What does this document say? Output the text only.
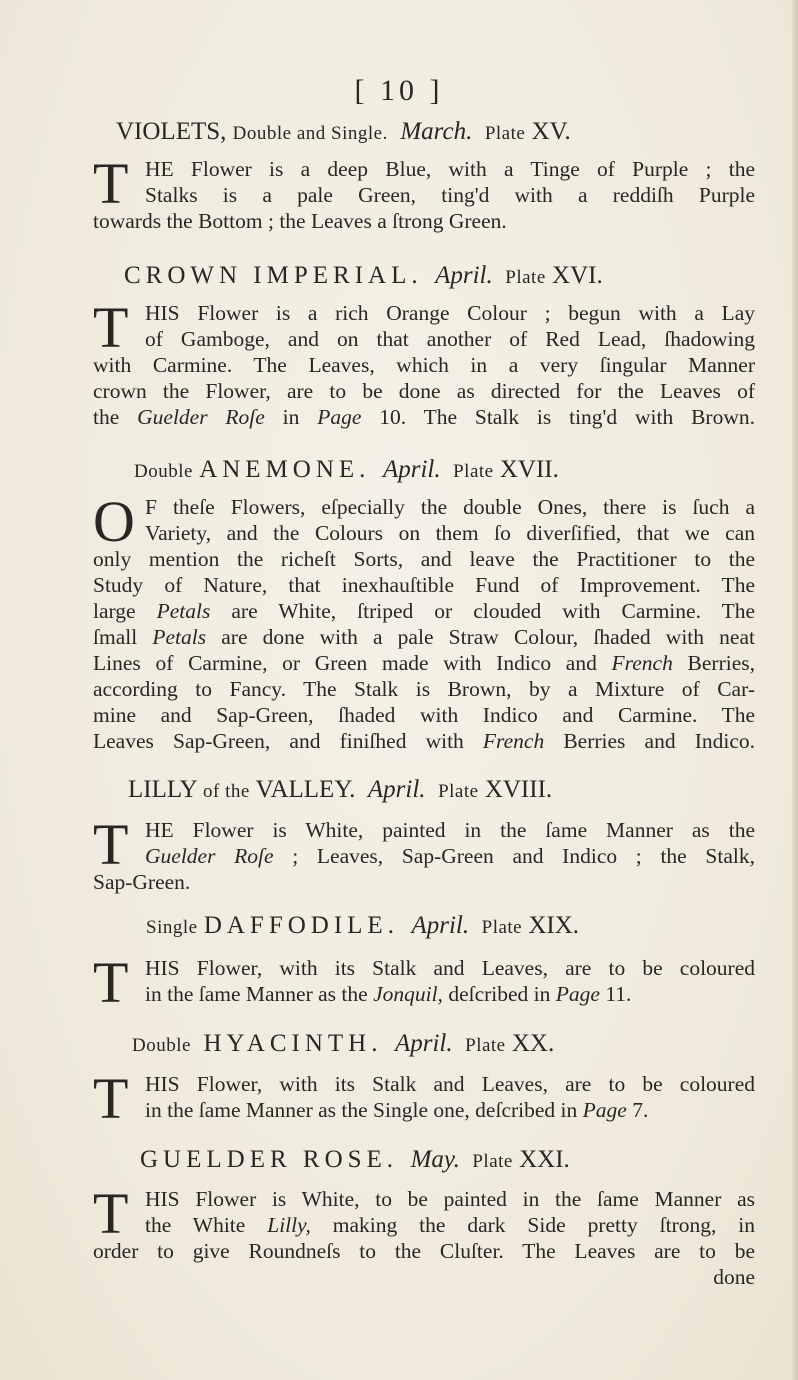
[ 10 ]
VIOLETS, Double and Single. March. Plate XV.
T HE Flower is a deep Blue, with a Tinge of Purple ; the
Stalks is a pale Green, ting'd with a reddiſh Purple
towards the Bottom ; the Leaves a ſtrong Green.
CROWN IMPERIAL. April. Plate XVI.
T HIS Flower is a rich Orange Colour ; begun with a Lay
of Gamboge, and on that another of Red Lead, ſhadowing
with Carmine. The Leaves, which in a very ſingular Manner
crown the Flower, are to be done as directed for the Leaves of
the Guelder Roſe in Page 10. The Stalk is ting'd with Brown.
Double ANEMONE. April. Plate XVII.
O F theſe Flowers, eſpecially the double Ones, there is ſuch a
Variety, and the Colours on them ſo diverſified, that we can
only mention the richeſt Sorts, and leave the Practitioner to the
Study of Nature, that inexhauſtible Fund of Improvement. The
large Petals are White, ſtriped or clouded with Carmine. The
ſmall Petals are done with a pale Straw Colour, ſhaded with neat
Lines of Carmine, or Green made with Indico and French Berries,
according to Fancy. The Stalk is Brown, by a Mixture of Car-
mine and Sap-Green, ſhaded with Indico and Carmine. The
Leaves Sap-Green, and finiſhed with French Berries and Indico.
LILLY of the VALLEY. April. Plate XVIII.
T HE Flower is White, painted in the ſame Manner as the
Guelder Roſe ; Leaves, Sap-Green and Indico ; the Stalk,
Sap-Green.
Single DAFFODILE. April. Plate XIX.
T HIS Flower, with its Stalk and Leaves, are to be coloured
in the ſame Manner as the Jonquil, deſcribed in Page 11.
Double HYACINTH. April. Plate XX.
T HIS Flower, with its Stalk and Leaves, are to be coloured
in the ſame Manner as the Single one, deſcribed in Page 7.
GUELDER ROSE. May. Plate XXI.
T HIS Flower is White, to be painted in the ſame Manner as
the White Lilly, making the dark Side pretty ſtrong, in
order to give Roundneſs to the Cluſter. The Leaves are to be
done
